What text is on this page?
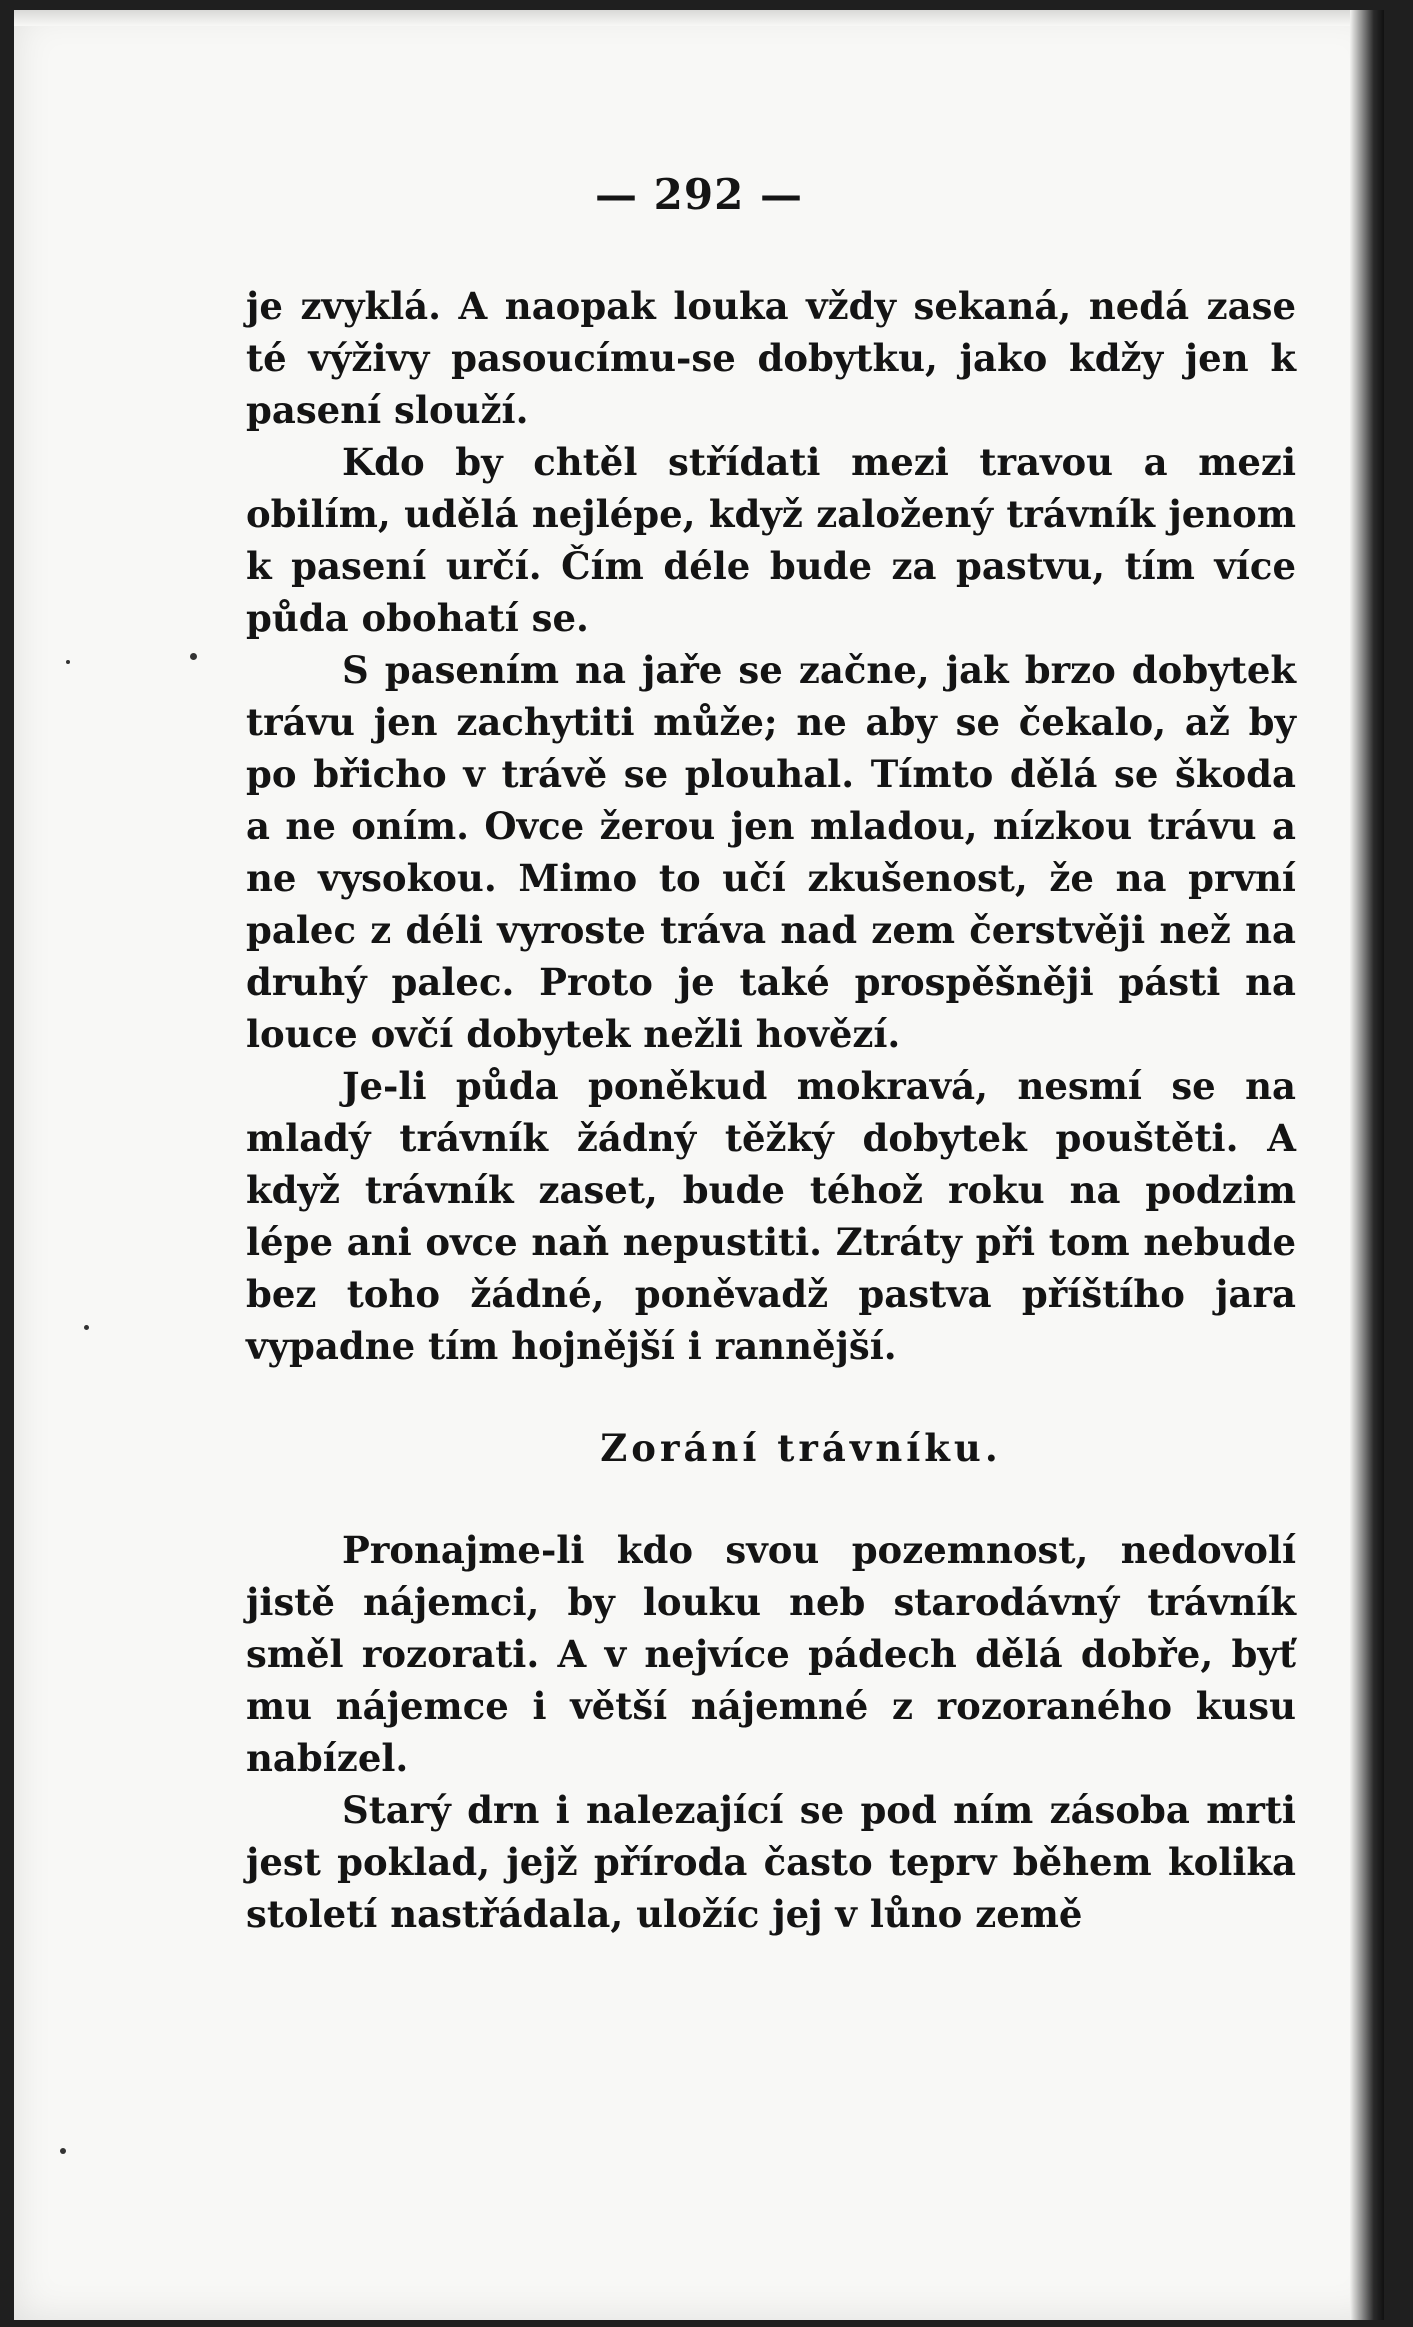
— 292 —

je zvyklá. A naopak louka vždy sekaná, nedá zase té výživy pasoucímu-se dobytku, jako kdžy jen k pasení slouží.

Kdo by chtěl střídati mezi travou a mezi obilím, udělá nejlépe, když založený trávník jenom k pasení určí. Čím déle bude za pastvu, tím více půda obohatí se.

S pasením na jaře se začne, jak brzo dobytek trávu jen zachytiti může; ne aby se čekalo, až by po břicho v trávě se plouhal. Tímto dělá se škoda a ne oním. Ovce žerou jen mladou, nízkou trávu a ne vysokou. Mimo to učí zkušenost, že na první palec z déli vyroste tráva nad zem čerstvěji než na druhý palec. Proto je také prospěšněji pásti na louce ovčí dobytek nežli hovězí.

Je-li půda poněkud mokravá, nesmí se na mladý trávník žádný těžký dobytek pouštěti. A když trávník zaset, bude téhož roku na podzim lépe ani ovce naň nepustiti. Ztráty při tom nebude bez toho žádné, poněvadž pastva příštího jara vypadne tím hojnější i rannější.

Zorání trávníku.

Pronajme-li kdo svou pozemnost, nedovolí jistě nájemci, by louku neb starodávný trávník směl rozorati. A v nejvíce pádech dělá dobře, byť mu nájemce i větší nájemné z rozoraného kusu nabízel.

Starý drn i nalezající se pod ním zásoba mrti jest poklad, jejž příroda často teprv během kolika století nastřádala, uložíc jej v lůno země
